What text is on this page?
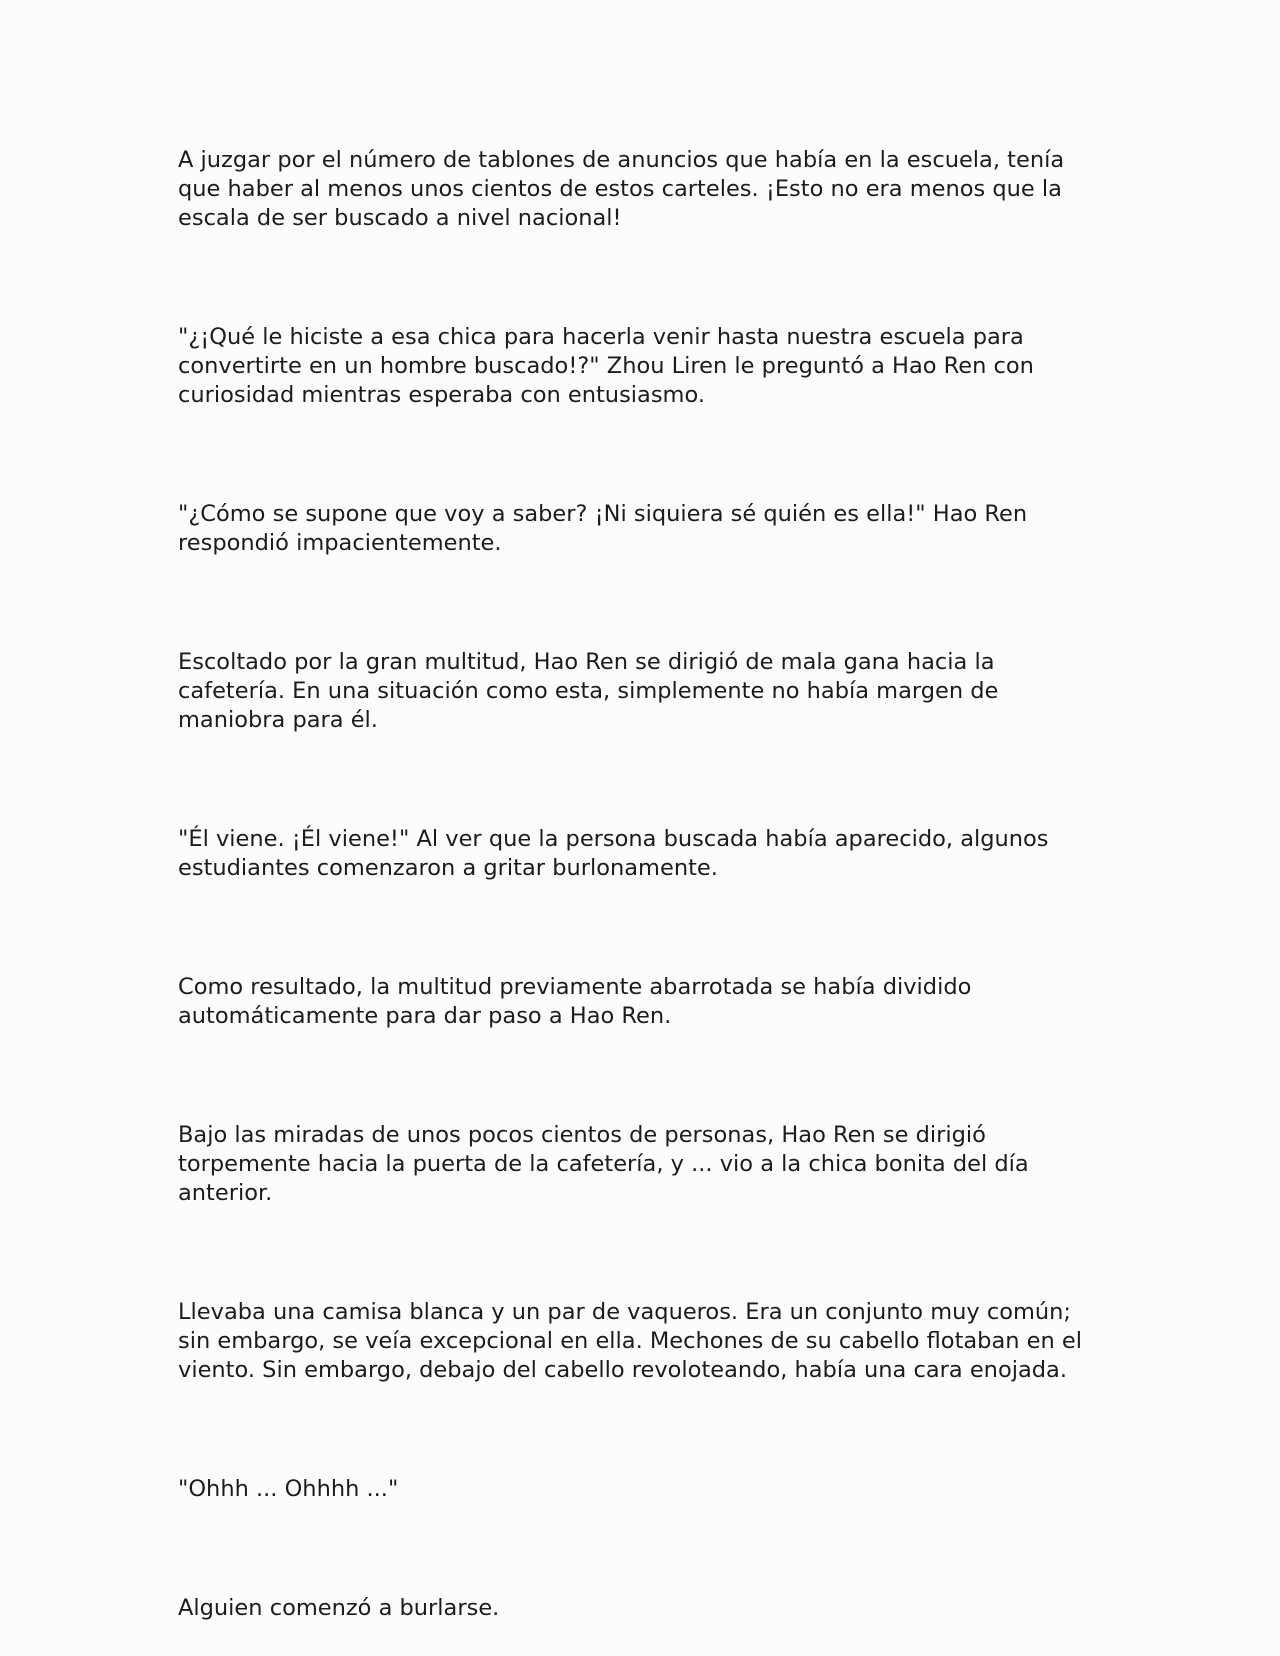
A juzgar por el número de tablones de anuncios que había en la escuela, tenía que haber al menos unos cientos de estos carteles. ¡Esto no era menos que la escala de ser buscado a nivel nacional!

"¿¡Qué le hiciste a esa chica para hacerla venir hasta nuestra escuela para convertirte en un hombre buscado!?" Zhou Liren le preguntó a Hao Ren con curiosidad mientras esperaba con entusiasmo.

"¿Cómo se supone que voy a saber? ¡Ni siquiera sé quién es ella!" Hao Ren respondió impacientemente.

Escoltado por la gran multitud, Hao Ren se dirigió de mala gana hacia la cafetería. En una situación como esta, simplemente no había margen de maniobra para él.

"Él viene. ¡Él viene!" Al ver que la persona buscada había aparecido, algunos estudiantes comenzaron a gritar burlonamente.

Como resultado, la multitud previamente abarrotada se había dividido automáticamente para dar paso a Hao Ren.

Bajo las miradas de unos pocos cientos de personas, Hao Ren se dirigió torpemente hacia la puerta de la cafetería, y ... vio a la chica bonita del día anterior.

Llevaba una camisa blanca y un par de vaqueros. Era un conjunto muy común; sin embargo, se veía excepcional en ella. Mechones de su cabello flotaban en el viento. Sin embargo, debajo del cabello revoloteando, había una cara enojada.

"Ohhh ... Ohhhh ..."

Alguien comenzó a burlarse.
